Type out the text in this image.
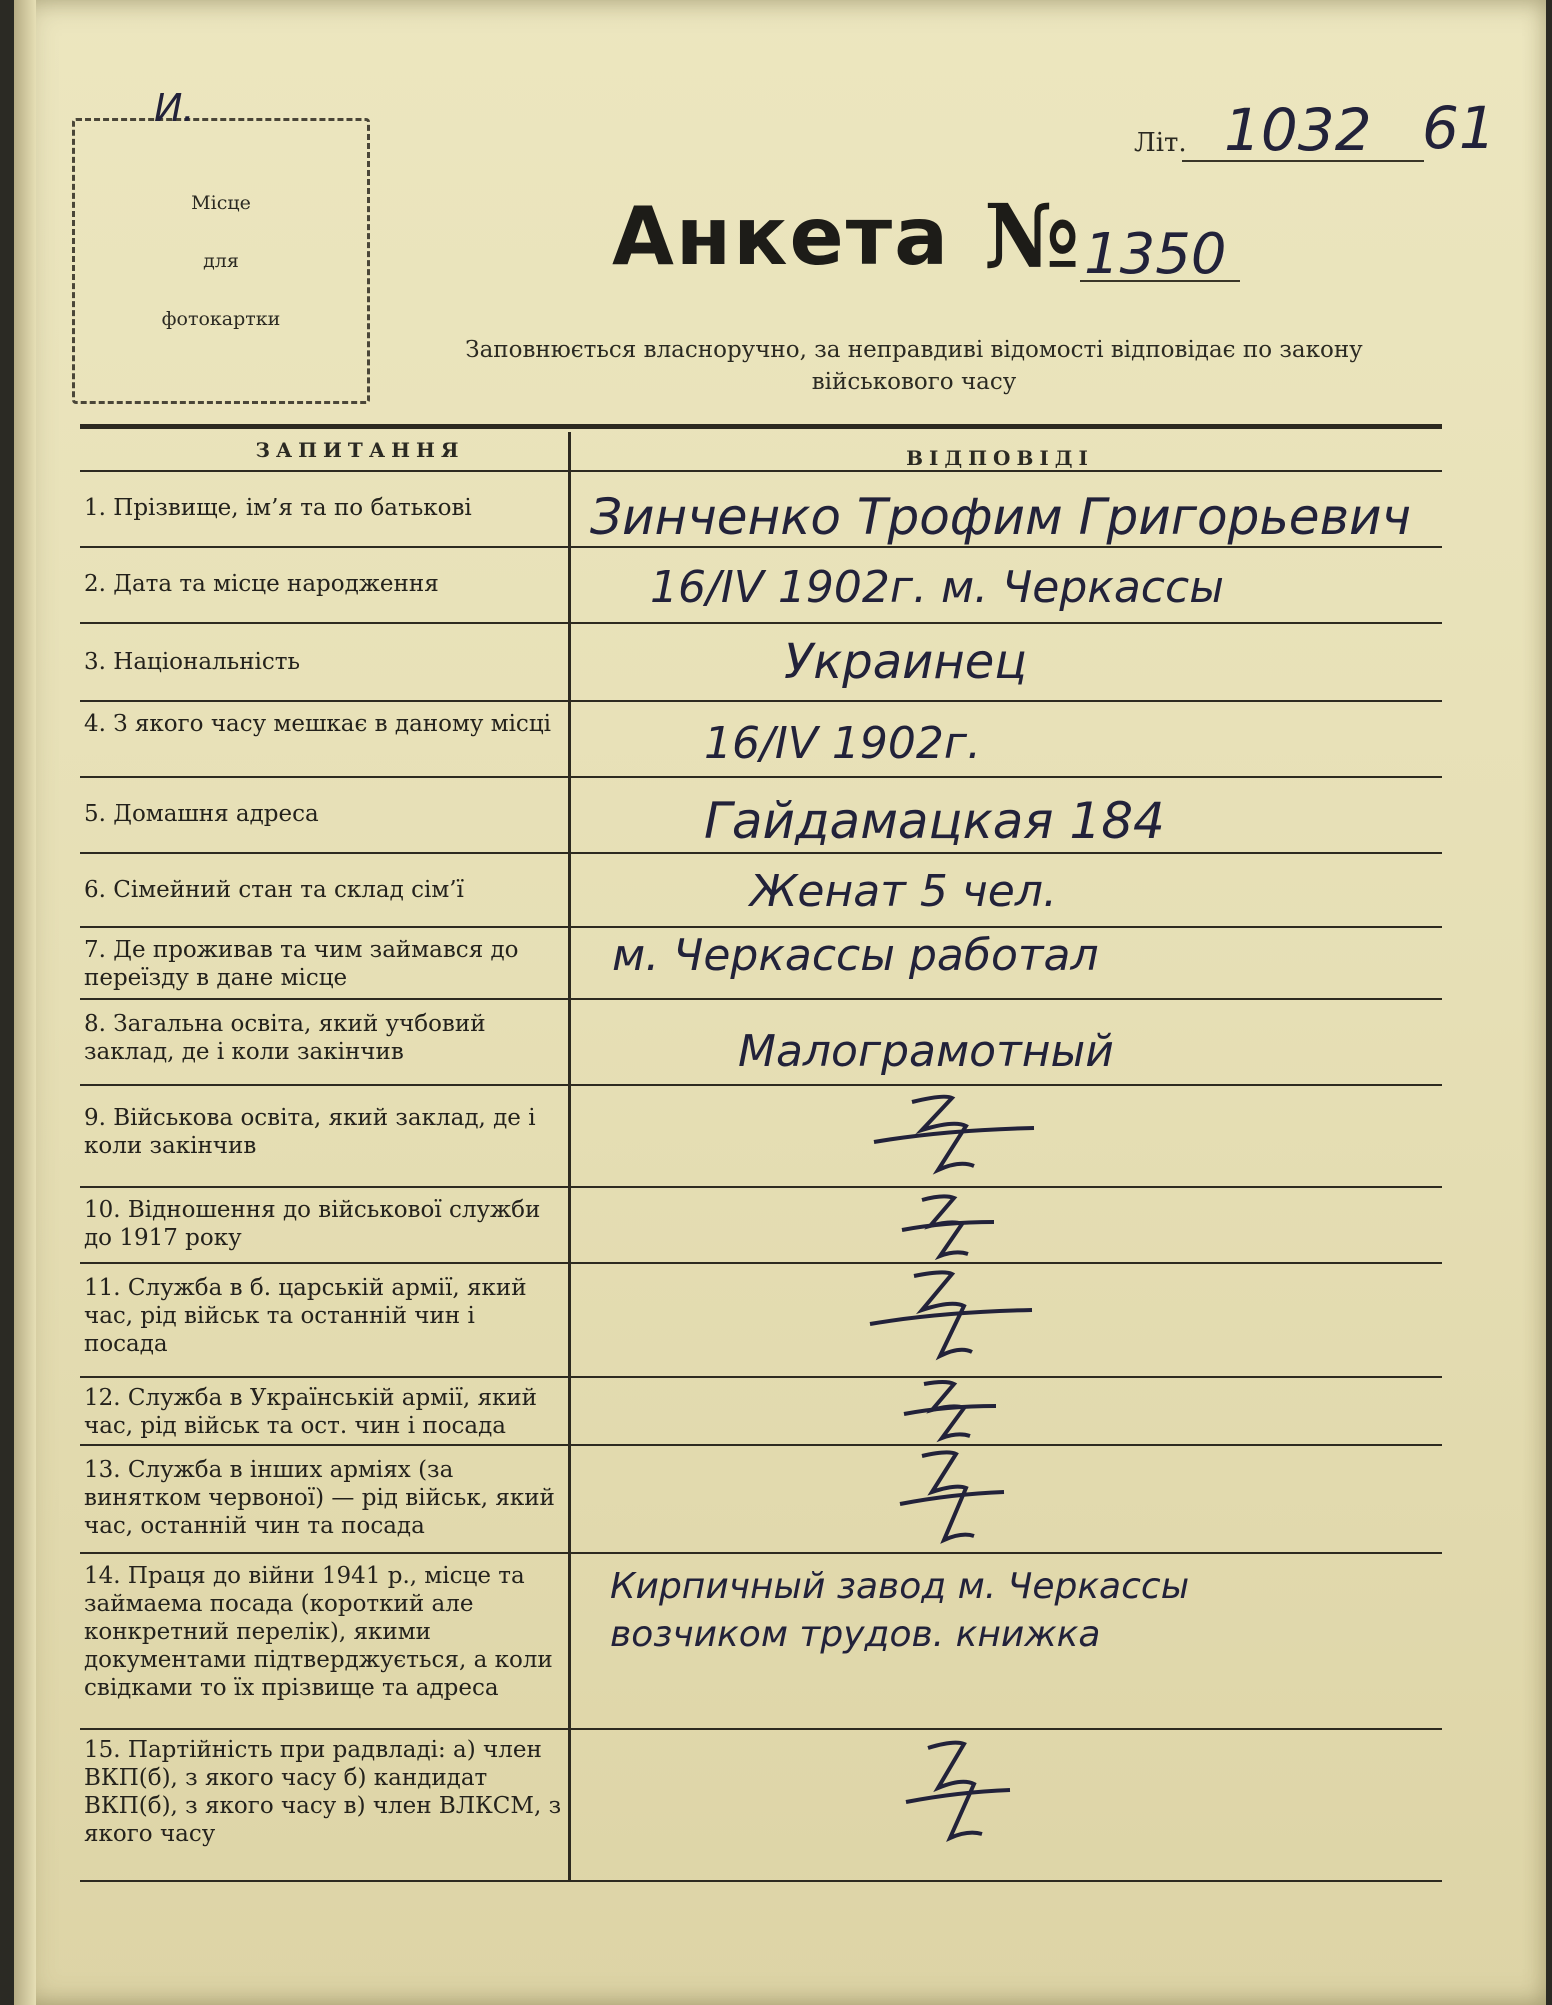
Місце
для
фотокартки
И.
Літ. 1032 61
Анкета № 1350
Заповнюється власноручно, за неправдиві відомості відповідає по закону військового часу
ЗАПИТАННЯ	ВІДПОВІДІ
1. Прізвище, ім’я та по батькові
2. Дата та місце народження
3. Національність
4. З якого часу мешкає в даному місці
5. Домашня адреса
6. Сімейний стан та склад сім’ї
7. Де проживав та чим займався до переїзду в дане місце
8. Загальна освіта, який учбовий заклад, де і коли закінчив
9. Військова освіта, який заклад, де і коли закінчив
10. Відношення до військової служби до 1917 року
11. Служба в б. царській армії, який час, рід військ та останній чин і посада
12. Служба в Українській армії, який час, рід військ та ост. чин і посада
13. Служба в інших арміях (за винятком червоної) — рід військ, який час, останній чин та посада
14. Праця до війни 1941 р., місце та займаема посада (короткий але конкретний перелік), якими документами підтверджується, а коли свідками то їх прізвище та адреса
15. Партійність при радвладі: а) член ВКП(б), з якого часу б) кандидат ВКП(б), з якого часу в) член ВЛКСМ, з якого часу
Зинченко Трофим Григорьевич
16/IV 1902г. м. Черкассы
Украинец
16/IV 1902г.
Гайдамацкая 184
Женат 5 чел.
м. Черкассы работал
Малограмотный
Кирпичный завод м. Черкассы
возчиком трудов. книжка
